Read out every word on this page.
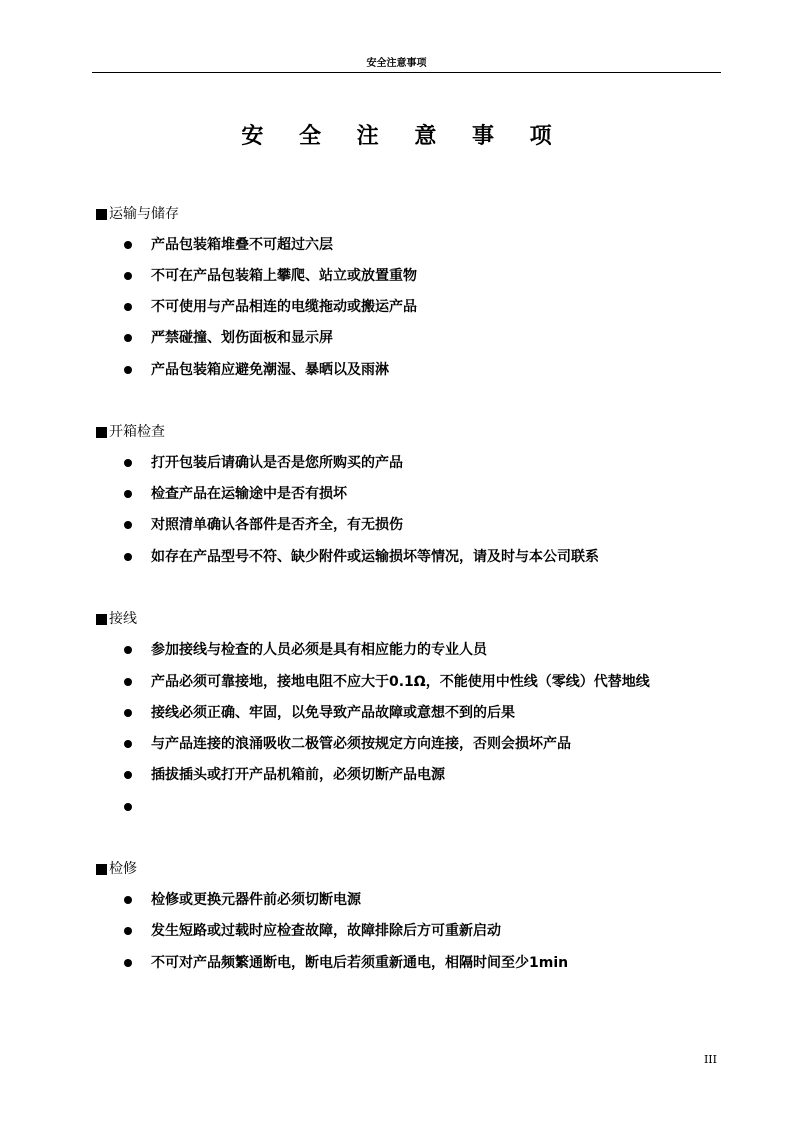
安全注意事项
安 全 注 意 事 项
运输与储存
产品包装箱堆叠不可超过六层
不可在产品包装箱上攀爬、站立或放置重物
不可使用与产品相连的电缆拖动或搬运产品
严禁碰撞、划伤面板和显示屏
产品包装箱应避免潮湿、暴晒以及雨淋
开箱检查
打开包装后请确认是否是您所购买的产品
检查产品在运输途中是否有损坏
对照清单确认各部件是否齐全，有无损伤
如存在产品型号不符、缺少附件或运输损坏等情况，请及时与本公司联系
接线
参加接线与检查的人员必须是具有相应能力的专业人员
产品必须可靠接地，接地电阻不应大于0.1Ω，不能使用中性线（零线）代替地线
接线必须正确、牢固，以免导致产品故障或意想不到的后果
与产品连接的浪涌吸收二极管必须按规定方向连接，否则会损坏产品
插拔插头或打开产品机箱前，必须切断产品电源
检修
检修或更换元器件前必须切断电源
发生短路或过载时应检查故障，故障排除后方可重新启动
不可对产品频繁通断电，断电后若须重新通电，相隔时间至少1min
III
